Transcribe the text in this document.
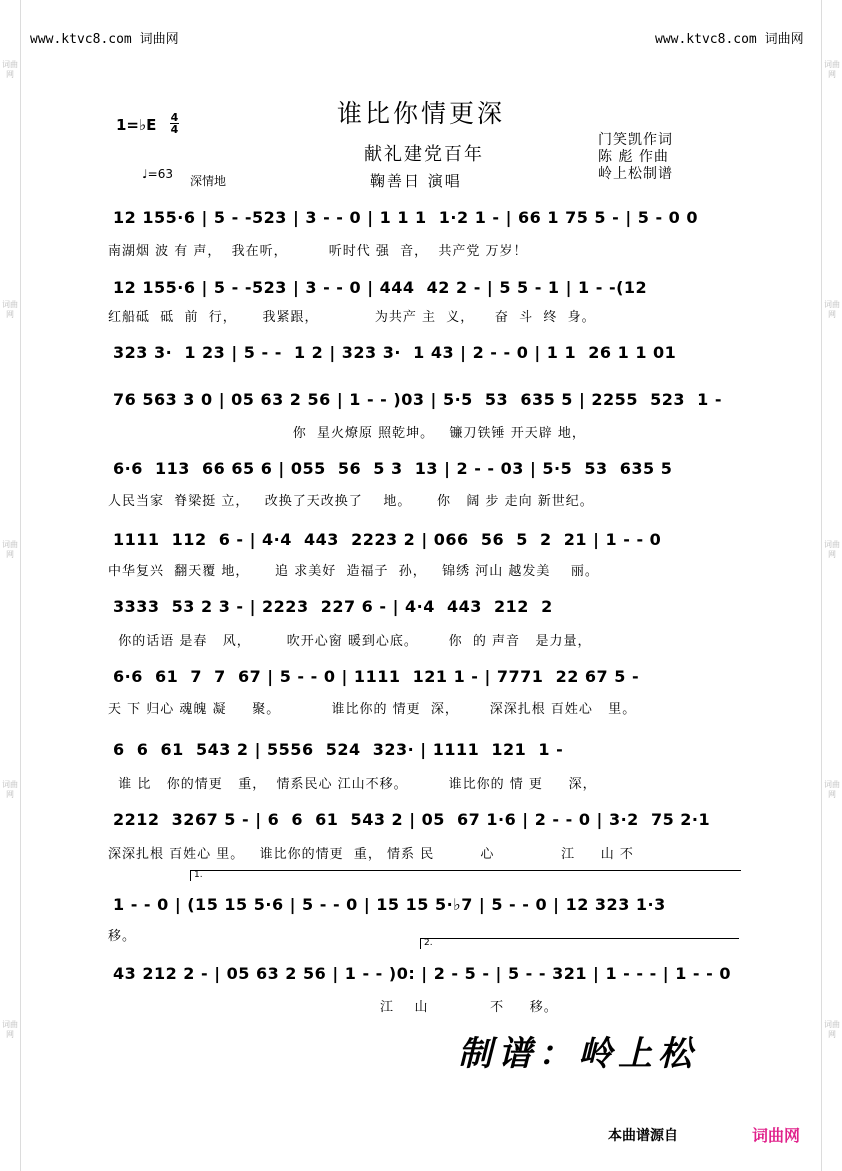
词曲网
词曲网
词曲网
词曲网
词曲网
词曲网
词曲网
词曲网
词曲网
词曲网
www.ktvc8.com 词曲网	www.ktvc8.com 词曲网
1=♭E 4
4
谁比你情更深
献礼建党百年
鞠善日 演唱
门笑凯作词
陈 彪 作曲
岭上松制谱
♩=63 深情地
12 155·6 | 5 - -523 | 3 - - 0 | 1 1 1  1·2 1 - | 66 1 75 5 - | 5 - 0 0
南湖烟 波 有 声，  我在听，        听时代 强  音，  共产党 万岁！
12 155·6 | 5 - -523 | 3 - - 0 | 444  42 2 - | 5 5 - 1 | 1 - -(12
红船砥  砥  前  行，     我紧跟，           为共产 主  义，    奋  斗  终  身。
323 3·  1 23 | 5 - -  1 2 | 323 3·  1 43 | 2 - - 0 | 1 1  26 1 1 01
76 563 3 0 | 05 63 2 56 | 1 - - )03 | 5·5  53  635 5 | 2255  523  1 -
你  星火燎原 照乾坤。   镰刀铁锤 开天辟 地，
6·6  113  66 65 6 | 055  56  5 3  13 | 2 - - 03 | 5·5  53  635 5
人民当家  脊梁挺 立，   改换了天改换了    地。     你   阔 步 走向 新世纪。
1111  112  6 - | 4·4  443  2223 2 | 066  56  5  2  21 | 1 - - 0
中华复兴  翻天覆 地，     追 求美好  造福子  孙，   锦绣 河山 越发美    丽。
3333  53 2 3 - | 2223  227 6 - | 4·4  443  212  2
你的话语 是春   风，       吹开心窗 暖到心底。      你  的 声音   是力量，
6·6  61  7  7  67 | 5 - - 0 | 1111  121 1 - | 7771  22 67 5 -
天 下 归心 魂魄 凝     聚。          谁比你的 情更  深，      深深扎根 百姓心   里。
6  6  61  543 2 | 5556  524  323· | 1111  121  1 -
谁 比   你的情更   重，  情系民心 江山不移。        谁比你的 情 更     深，
2212  3267 5 - | 6  6  61  543 2 | 05  67 1·6 | 2 - - 0 | 3·2  75 2·1
深深扎根 百姓心 里。   谁比你的情更  重， 情系 民         心             江     山 不
1.
1 - - 0 | (15 15 5·6 | 5 - - 0 | 15 15 5·♭7 | 5 - - 0 | 12 323 1·3
移。	2.
43 212 2 - | 05 63 2 56 | 1 - - )0: | 2 - 5 - | 5 - - 321 | 1 - - - | 1 - - 0
江    山            不     移。
制谱：岭上松
本曲谱源自	词曲网
